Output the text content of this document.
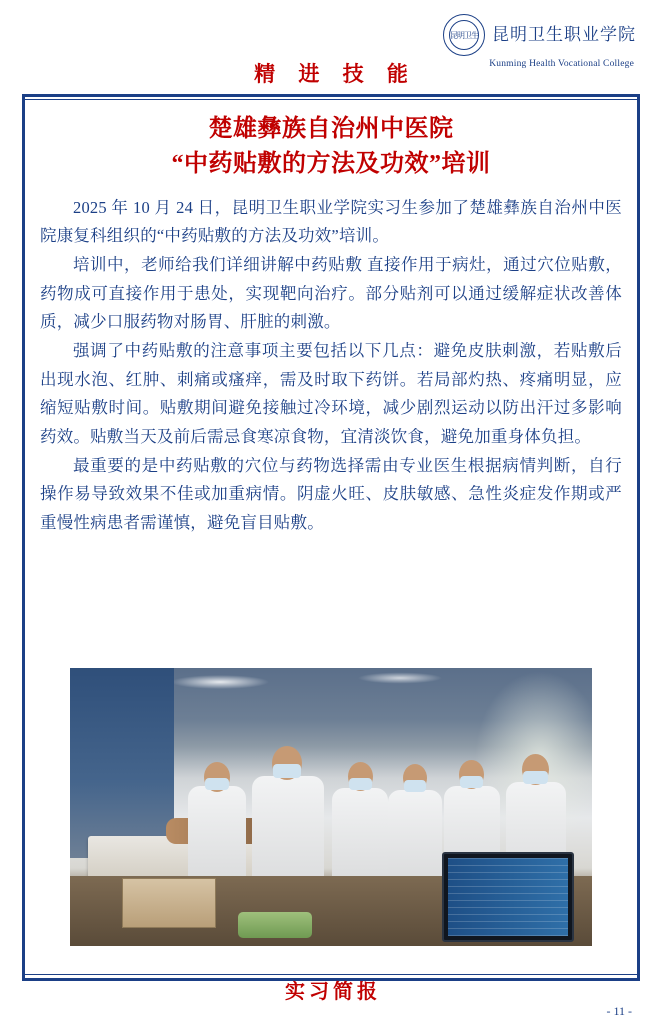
昆明卫生 昆明卫生职业学院
Kunming Health Vocational College
精 进 技 能
楚雄彝族自治州中医院
“中药贴敷的方法及功效”培训

2025 年 10 月 24 日，昆明卫生职业学院实习生参加了楚雄彝族自治州中医院康复科组织的“中药贴敷的方法及功效”培训。

培训中，老师给我们详细讲解中药贴敷 直接作用于病灶，通过穴位贴敷，药物成可直接作用于患处，实现靶向治疗。部分贴剂可以通过缓解症状改善体质，减少口服药物对肠胃、肝脏的刺激。

强调了中药贴敷的注意事项主要包括以下几点：避免皮肤刺激，若贴敷后出现水泡、红肿、刺痛或瘙痒，需及时取下药饼。若局部灼热、疼痛明显，应缩短贴敷时间。贴敷期间避免接触过冷环境，减少剧烈运动以防出汗过多影响药效。贴敷当天及前后需忌食寒凉食物，宜清淡饮食，避免加重身体负担。

最重要的是中药贴敷的穴位与药物选择需由专业医生根据病情判断，自行操作易导致效果不佳或加重病情。阴虚火旺、皮肤敏感、急性炎症发作期或严重慢性病患者需谨慎，避免盲目贴敷。

实习简报
- 11 -
